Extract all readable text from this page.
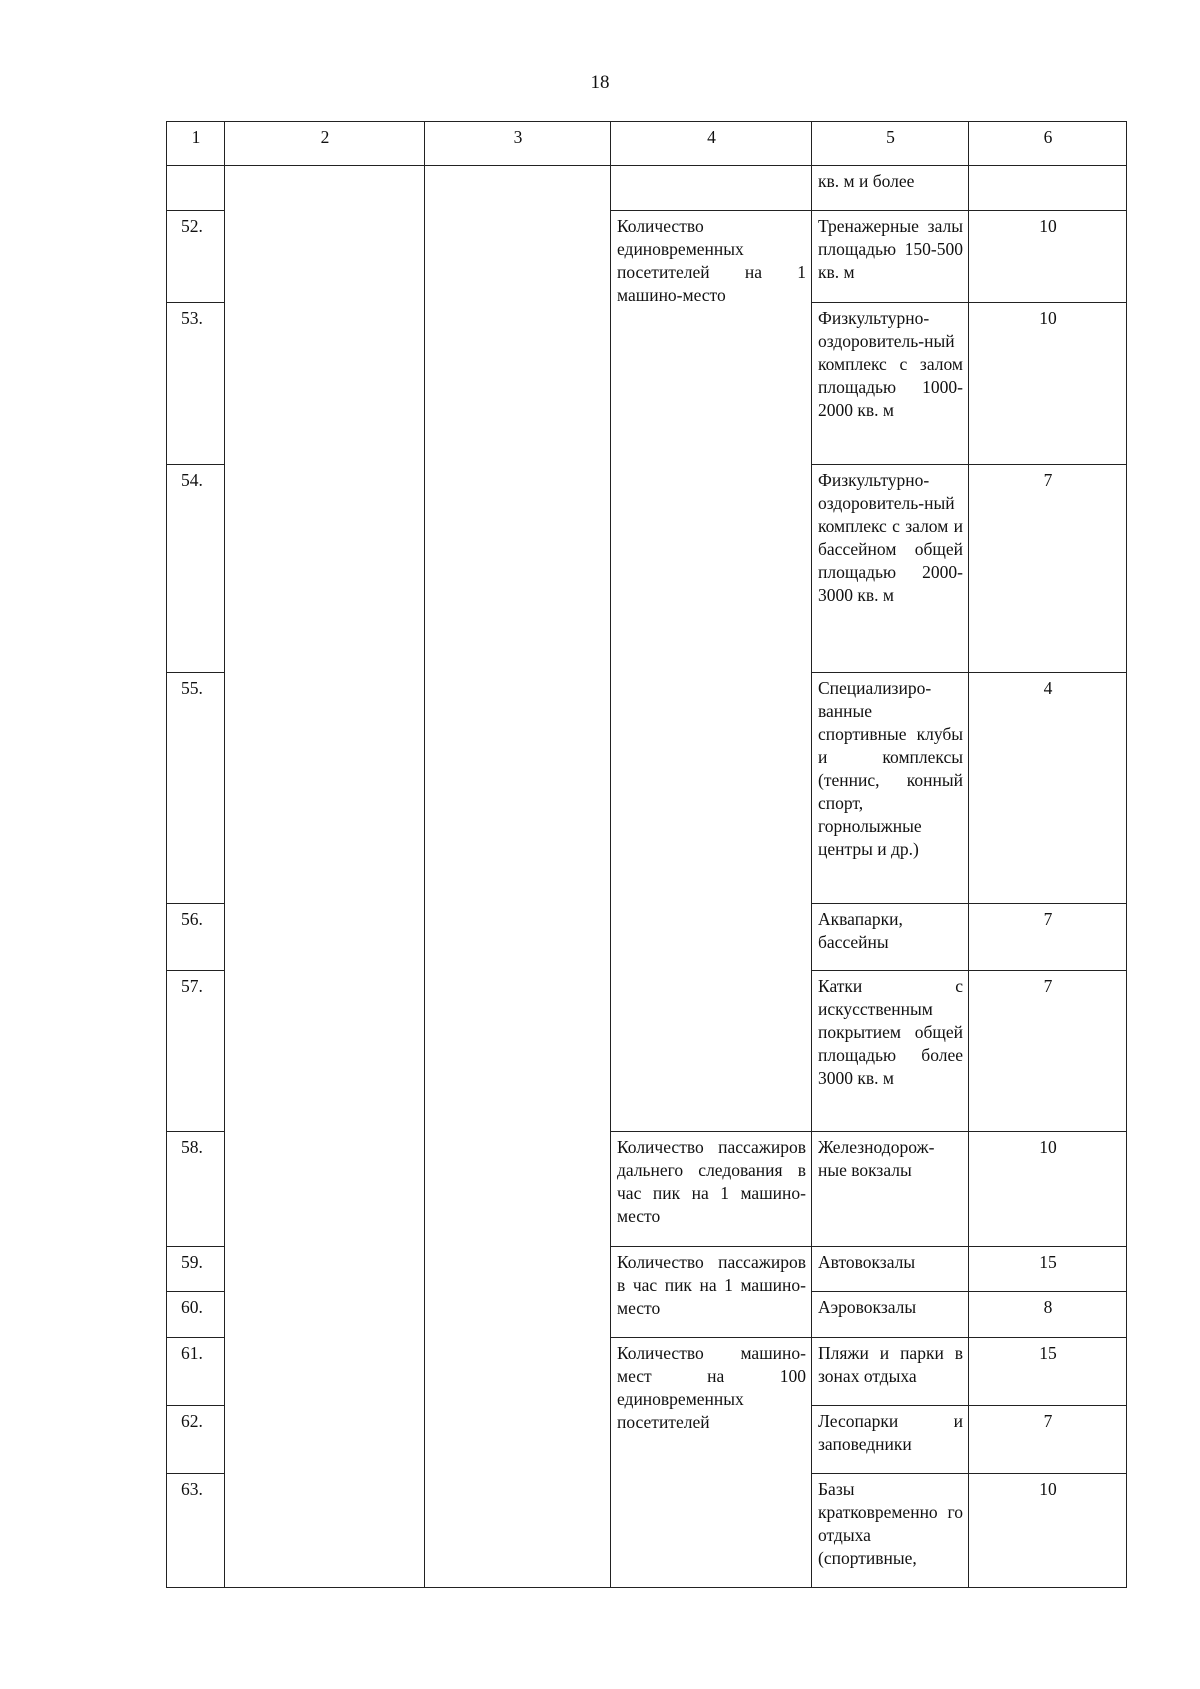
18
1	2	3	4	5	6
				кв. м и более	
52.			Количество единовременных посетителей на 1 машино-место	Тренажерные залы площадью 150-500 кв. м	10
53.				Физкультурно-оздоровитель-ный комплекс с залом площадью 1000-2000 кв. м	10
54.				Физкультурно-оздоровитель-ный комплекс с залом и бассейном общей площадью 2000-3000 кв. м	7
55.				Специализиро-ванные спортивные клубы и комплексы (теннис, конный спорт, горнолыжные центры и др.)	4
56.				Аквапарки, бассейны	7
57.				Катки с искусственным покрытием общей площадью более 3000 кв. м	7
58.			Количество пассажиров дальнего следования в час пик на 1 машино-место	Железнодорож-ные вокзалы	10
59.			Количество пассажиров в час пик на 1 машино-место	Автовокзалы	15
60.				Аэровокзалы	8
61.			Количество машино-мест на 100 единовременных посетителей	Пляжи и парки в зонах отдыха	15
62.				Лесопарки и заповедники	7
63.				Базы кратковременно го отдыха (спортивные,	10
